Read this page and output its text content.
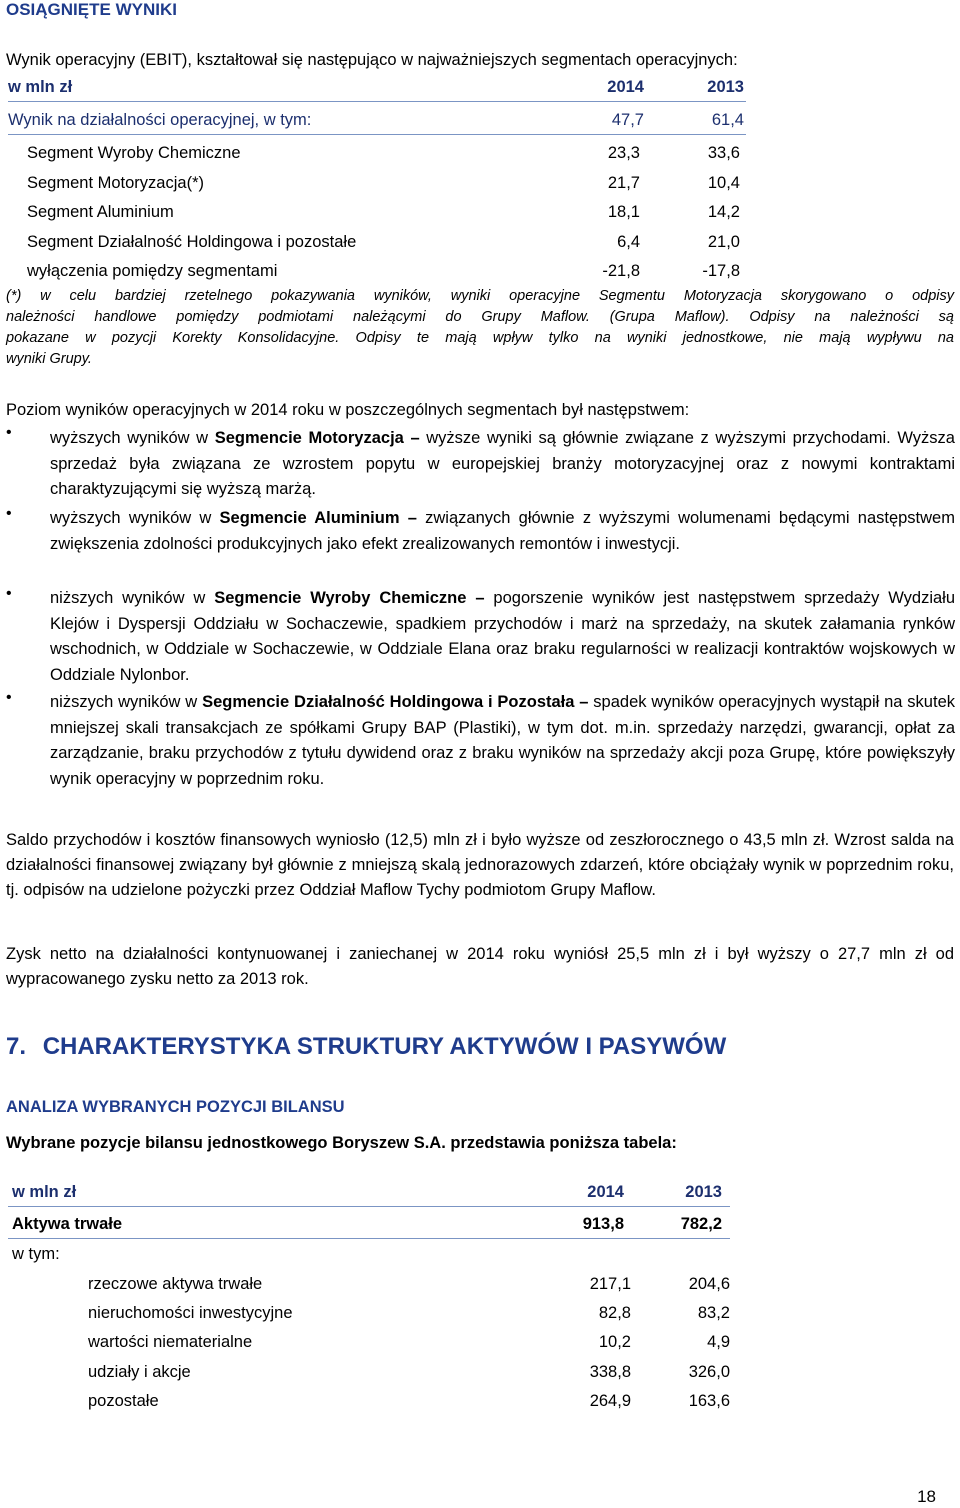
OSIĄGNIĘTE WYNIKI
Wynik operacyjny (EBIT), kształtował się następująco w najważniejszych segmentach operacyjnych:
w mln zł	2014	2013
Wynik na działalności operacyjnej, w tym:	47,7	61,4
Segment Wyroby Chemiczne	23,3	33,6
Segment Motoryzacja(*)	21,7	10,4
Segment Aluminium	18,1	14,2
Segment Działalność Holdingowa i pozostałe	6,4	21,0
wyłączenia pomiędzy segmentami	-21,8	-17,8
(*) w celu bardziej rzetelnego pokazywania wyników, wyniki operacyjne Segmentu Motoryzacja skorygowano o odpisy
należności handlowe pomiędzy podmiotami należącymi do Grupy Maflow. (Grupa Maflow). Odpisy na należności są
pokazane w pozycji Korekty Konsolidacyjne. Odpisy te mają wpływ tylko na wyniki jednostkowe, nie mają wypływu na
wyniki Grupy.
Poziom wyników operacyjnych w 2014 roku w poszczególnych segmentach był następstwem:
• wyższych wyników w Segmencie Motoryzacja – wyższe wyniki są głównie związane z wyższymi przychodami. Wyższa sprzedaż była związana ze wzrostem popytu w europejskiej branży motoryzacyjnej oraz z nowymi kontraktami charaktyzującymi się wyższą marżą.
• wyższych wyników w Segmencie Aluminium – związanych głównie z wyższymi wolumenami będącymi następstwem zwiększenia zdolności produkcyjnych jako efekt zrealizowanych remontów i inwestycji.
• niższych wyników w Segmencie Wyroby Chemiczne – pogorszenie wyników jest następstwem sprzedaży Wydziału Klejów i Dyspersji Oddziału w Sochaczewie, spadkiem przychodów i marż na sprzedaży, na skutek załamania rynków wschodnich, w Oddziale w Sochaczewie, w Oddziale Elana oraz braku regularności w realizacji kontraktów wojskowych w Oddziale Nylonbor.
• niższych wyników w Segmencie Działalność Holdingowa i Pozostała – spadek wyników operacyjnych wystąpił na skutek mniejszej skali transakcjach ze spółkami Grupy BAP (Plastiki), w tym dot. m.in. sprzedaży narzędzi, gwarancji, opłat za zarządzanie, braku przychodów z tytułu dywidend oraz z braku wyników na sprzedaży akcji poza Grupę, które powiększyły wynik operacyjny w poprzednim roku.
Saldo przychodów i kosztów finansowych wyniosło (12,5) mln zł i było wyższe od zeszłorocznego o 43,5 mln zł. Wzrost salda na działalności finansowej związany był głównie z mniejszą skalą jednorazowych zdarzeń, które obciążały wynik w poprzednim roku, tj. odpisów na udzielone pożyczki przez Oddział Maflow Tychy podmiotom Grupy Maflow.
Zysk netto na działalności kontynuowanej i zaniechanej w 2014 roku wyniósł 25,5 mln zł i był wyższy o 27,7 mln zł od wypracowanego zysku netto za 2013 rok.
7. CHARAKTERYSTYKA STRUKTURY AKTYWÓW I PASYWÓW
ANALIZA WYBRANYCH POZYCJI BILANSU
Wybrane pozycje bilansu jednostkowego Boryszew S.A. przedstawia poniższa tabela:
w mln zł	2014	2013
Aktywa trwałe	913,8	782,2
w tym:
rzeczowe aktywa trwałe	217,1	204,6
nieruchomości inwestycyjne	82,8	83,2
wartości niematerialne	10,2	4,9
udziały i akcje	338,8	326,0
pozostałe	264,9	163,6
18
